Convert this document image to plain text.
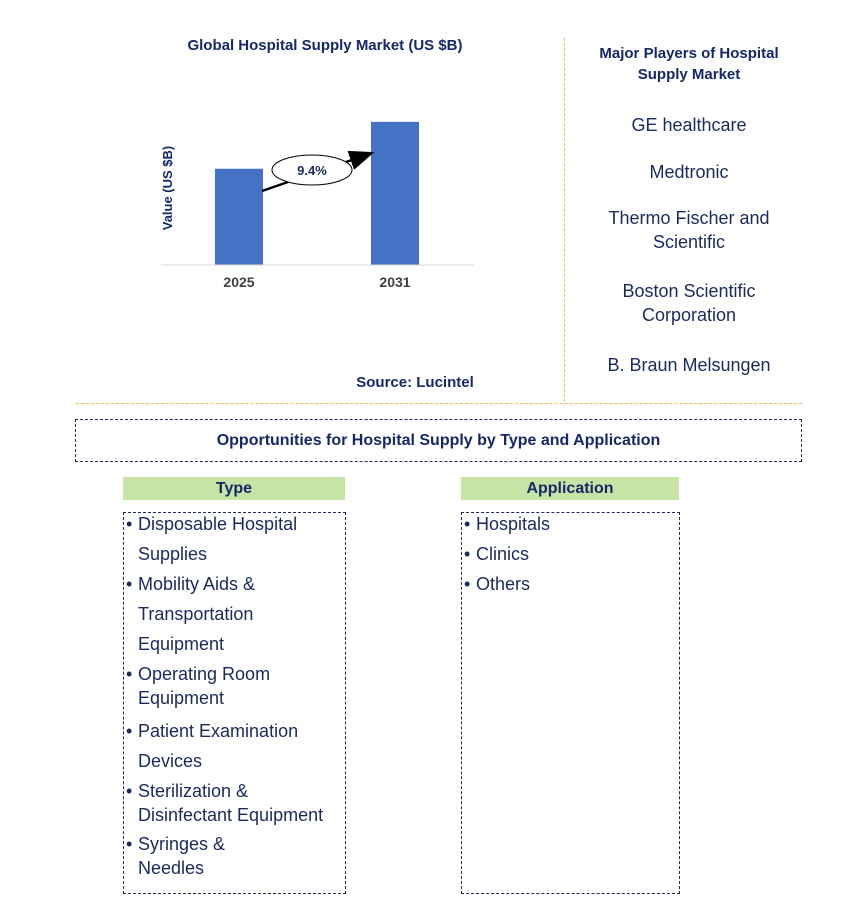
Global Hospital Supply Market (US $B)
Value (US $B)
2025	2031
9.4%
Source: Lucintel
Major Players of Hospital Supply Market
GE healthcare
Medtronic
Thermo Fischer and
Scientific
Boston Scientific
Corporation
B. Braun Melsungen
Opportunities for Hospital Supply by Type and Application
Type
•Disposable Hospital
Supplies
•Mobility Aids &
Transportation
Equipment
•Operating Room
Equipment
•Patient Examination
Devices
•Sterilization &
Disinfectant Equipment
•Syringes &
Needles
Application
•Hospitals
•Clinics
•Others
